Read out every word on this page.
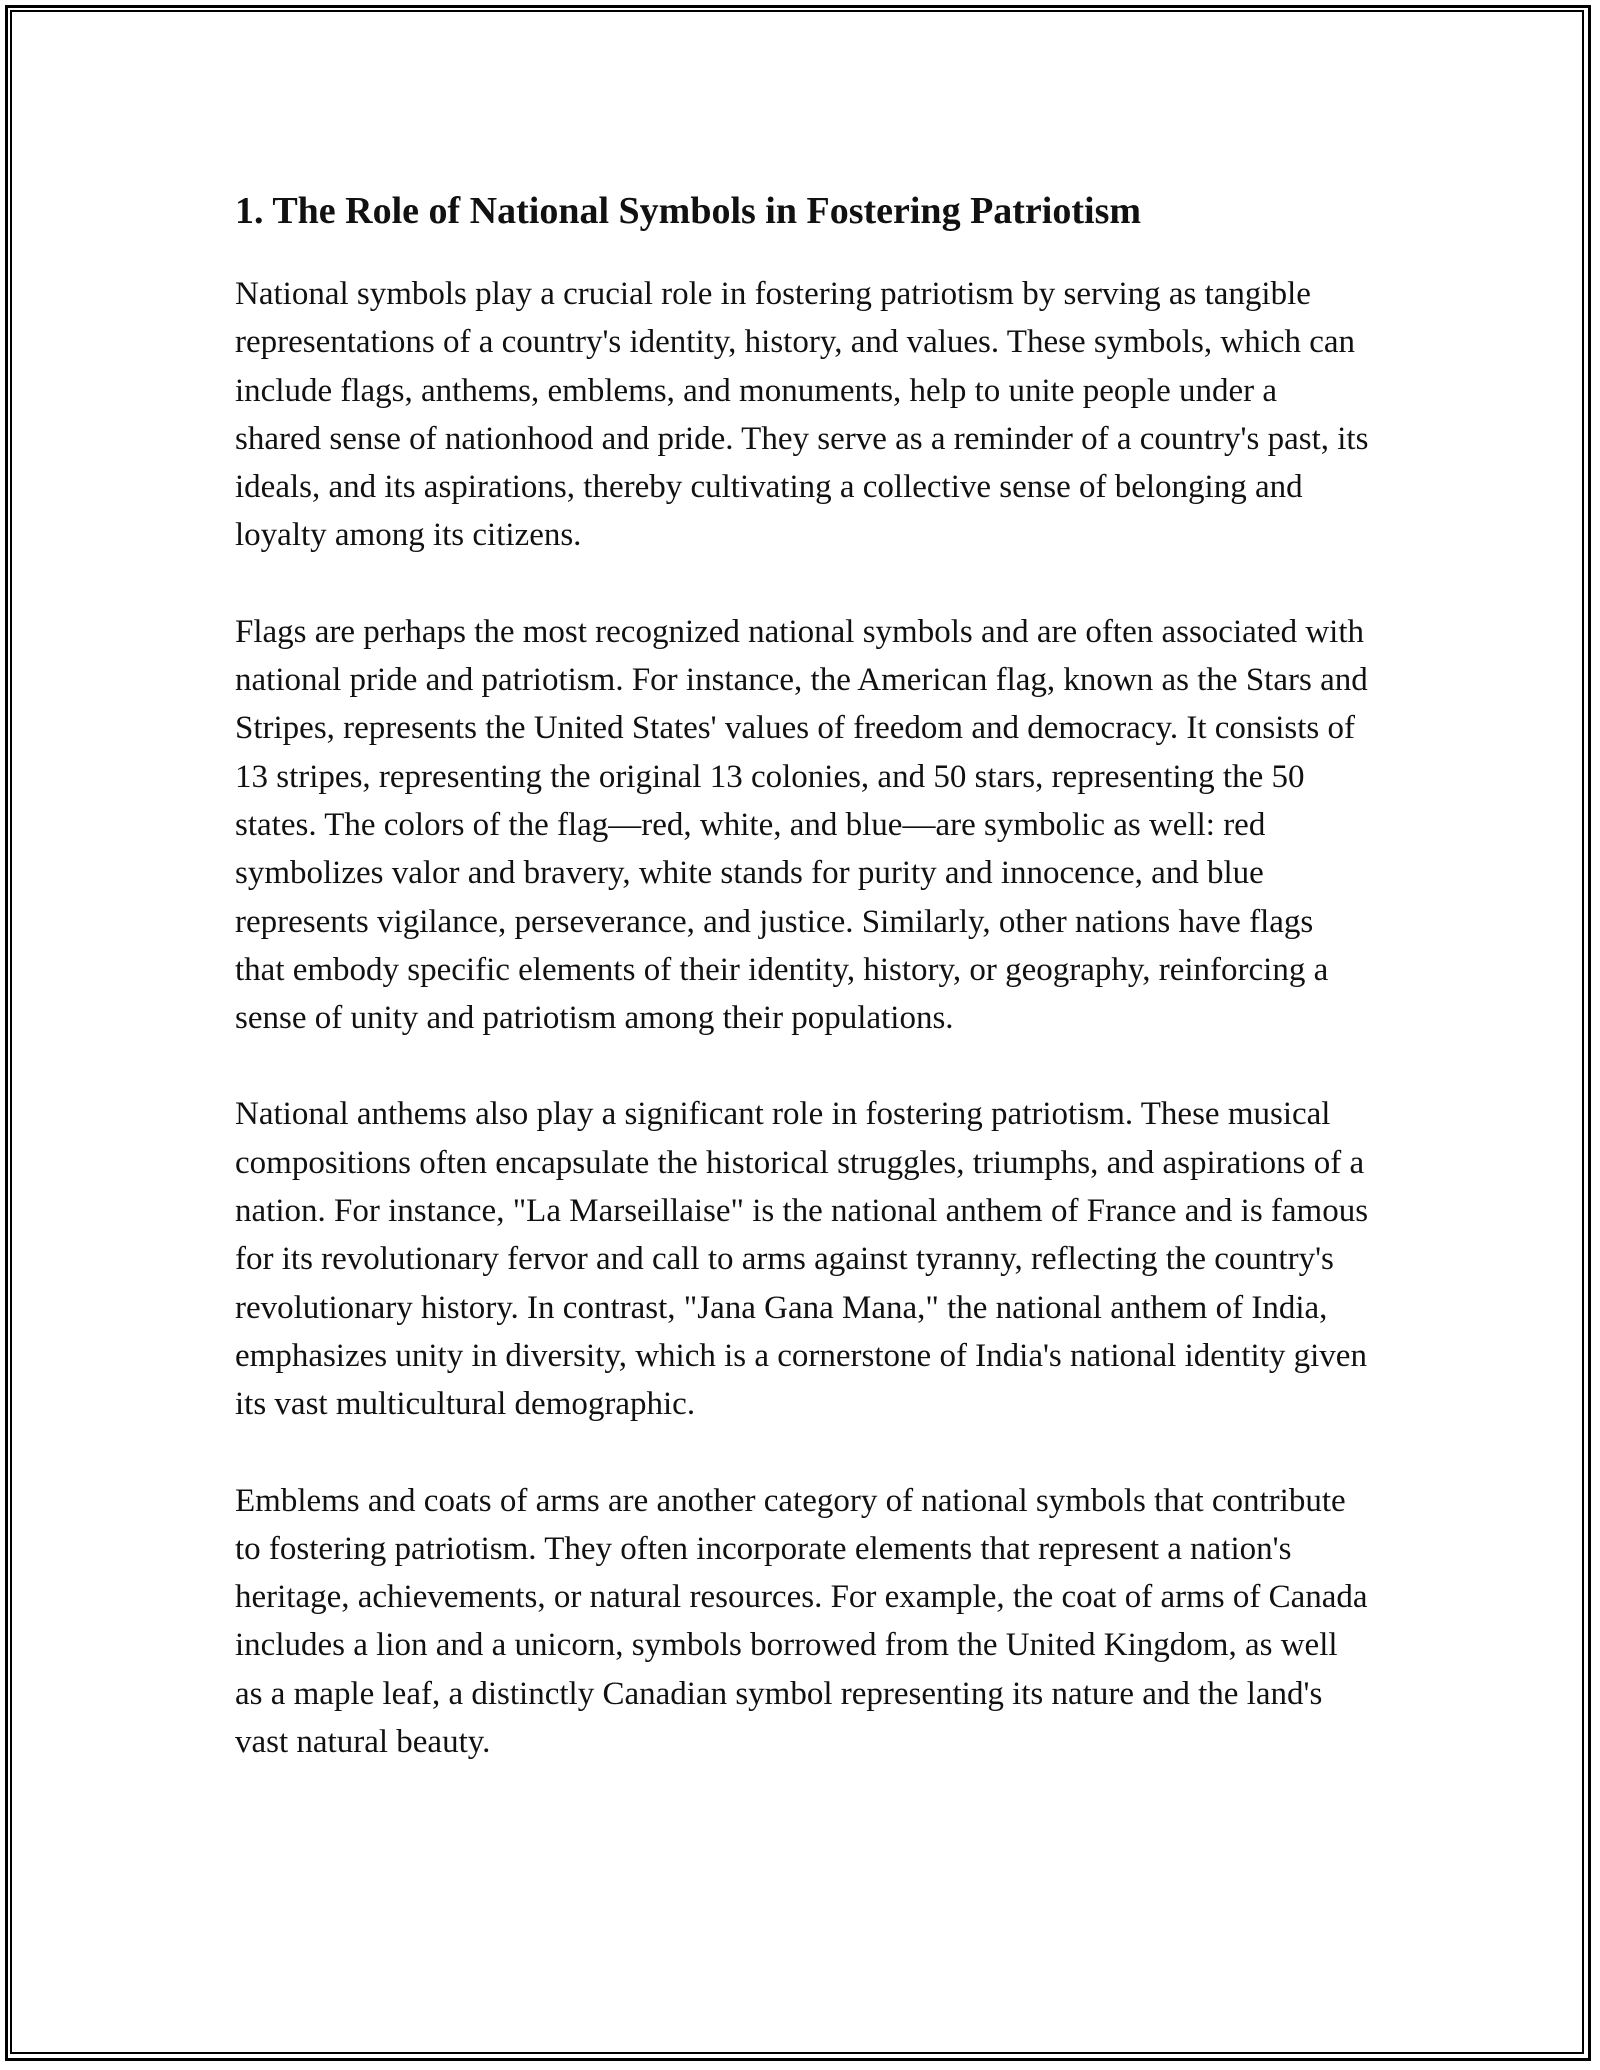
1. The Role of National Symbols in Fostering Patriotism

National symbols play a crucial role in fostering patriotism by serving as tangible representations of a country's identity, history, and values. These symbols, which can include flags, anthems, emblems, and monuments, help to unite people under a shared sense of nationhood and pride. They serve as a reminder of a country's past, its ideals, and its aspirations, thereby cultivating a collective sense of belonging and loyalty among its citizens.

Flags are perhaps the most recognized national symbols and are often associated with national pride and patriotism. For instance, the American flag, known as the Stars and Stripes, represents the United States' values of freedom and democracy. It consists of 13 stripes, representing the original 13 colonies, and 50 stars, representing the 50 states. The colors of the flag—red, white, and blue—are symbolic as well: red symbolizes valor and bravery, white stands for purity and innocence, and blue represents vigilance, perseverance, and justice. Similarly, other nations have flags that embody specific elements of their identity, history, or geography, reinforcing a sense of unity and patriotism among their populations.

National anthems also play a significant role in fostering patriotism. These musical compositions often encapsulate the historical struggles, triumphs, and aspirations of a nation. For instance, "La Marseillaise" is the national anthem of France and is famous for its revolutionary fervor and call to arms against tyranny, reflecting the country's revolutionary history. In contrast, "Jana Gana Mana," the national anthem of India, emphasizes unity in diversity, which is a cornerstone of India's national identity given its vast multicultural demographic.

Emblems and coats of arms are another category of national symbols that contribute to fostering patriotism. They often incorporate elements that represent a nation's heritage, achievements, or natural resources. For example, the coat of arms of Canada includes a lion and a unicorn, symbols borrowed from the United Kingdom, as well as a maple leaf, a distinctly Canadian symbol representing its nature and the land's vast natural beauty.
